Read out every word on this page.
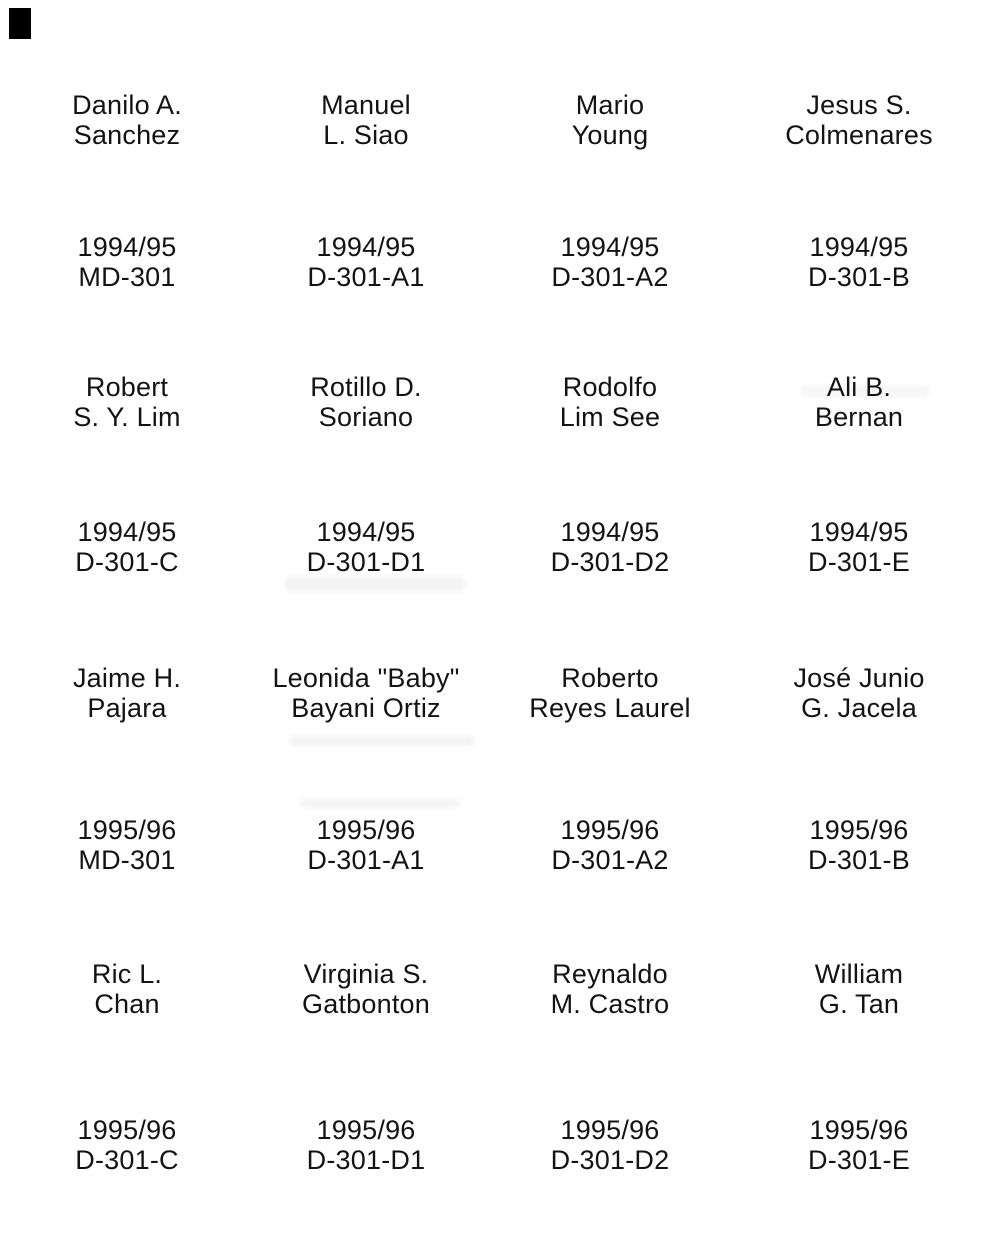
Danilo A.
Sanchez
Manuel
L. Siao
Mario
Young
Jesus S.
Colmenares
1994/95
MD-301
1994/95
D-301-A1
1994/95
D-301-A2
1994/95
D-301-B
Robert
S. Y. Lim
Rotillo D.
Soriano
Rodolfo
Lim See
Ali B.
Bernan
1994/95
D-301-C
1994/95
D-301-D1
1994/95
D-301-D2
1994/95
D-301-E
Jaime H.
Pajara
Leonida "Baby"
Bayani Ortiz
Roberto
Reyes Laurel
José Junio
G. Jacela
1995/96
MD-301
1995/96
D-301-A1
1995/96
D-301-A2
1995/96
D-301-B
Ric L.
Chan
Virginia S.
Gatbonton
Reynaldo
M. Castro
William
G. Tan
1995/96
D-301-C
1995/96
D-301-D1
1995/96
D-301-D2
1995/96
D-301-E
